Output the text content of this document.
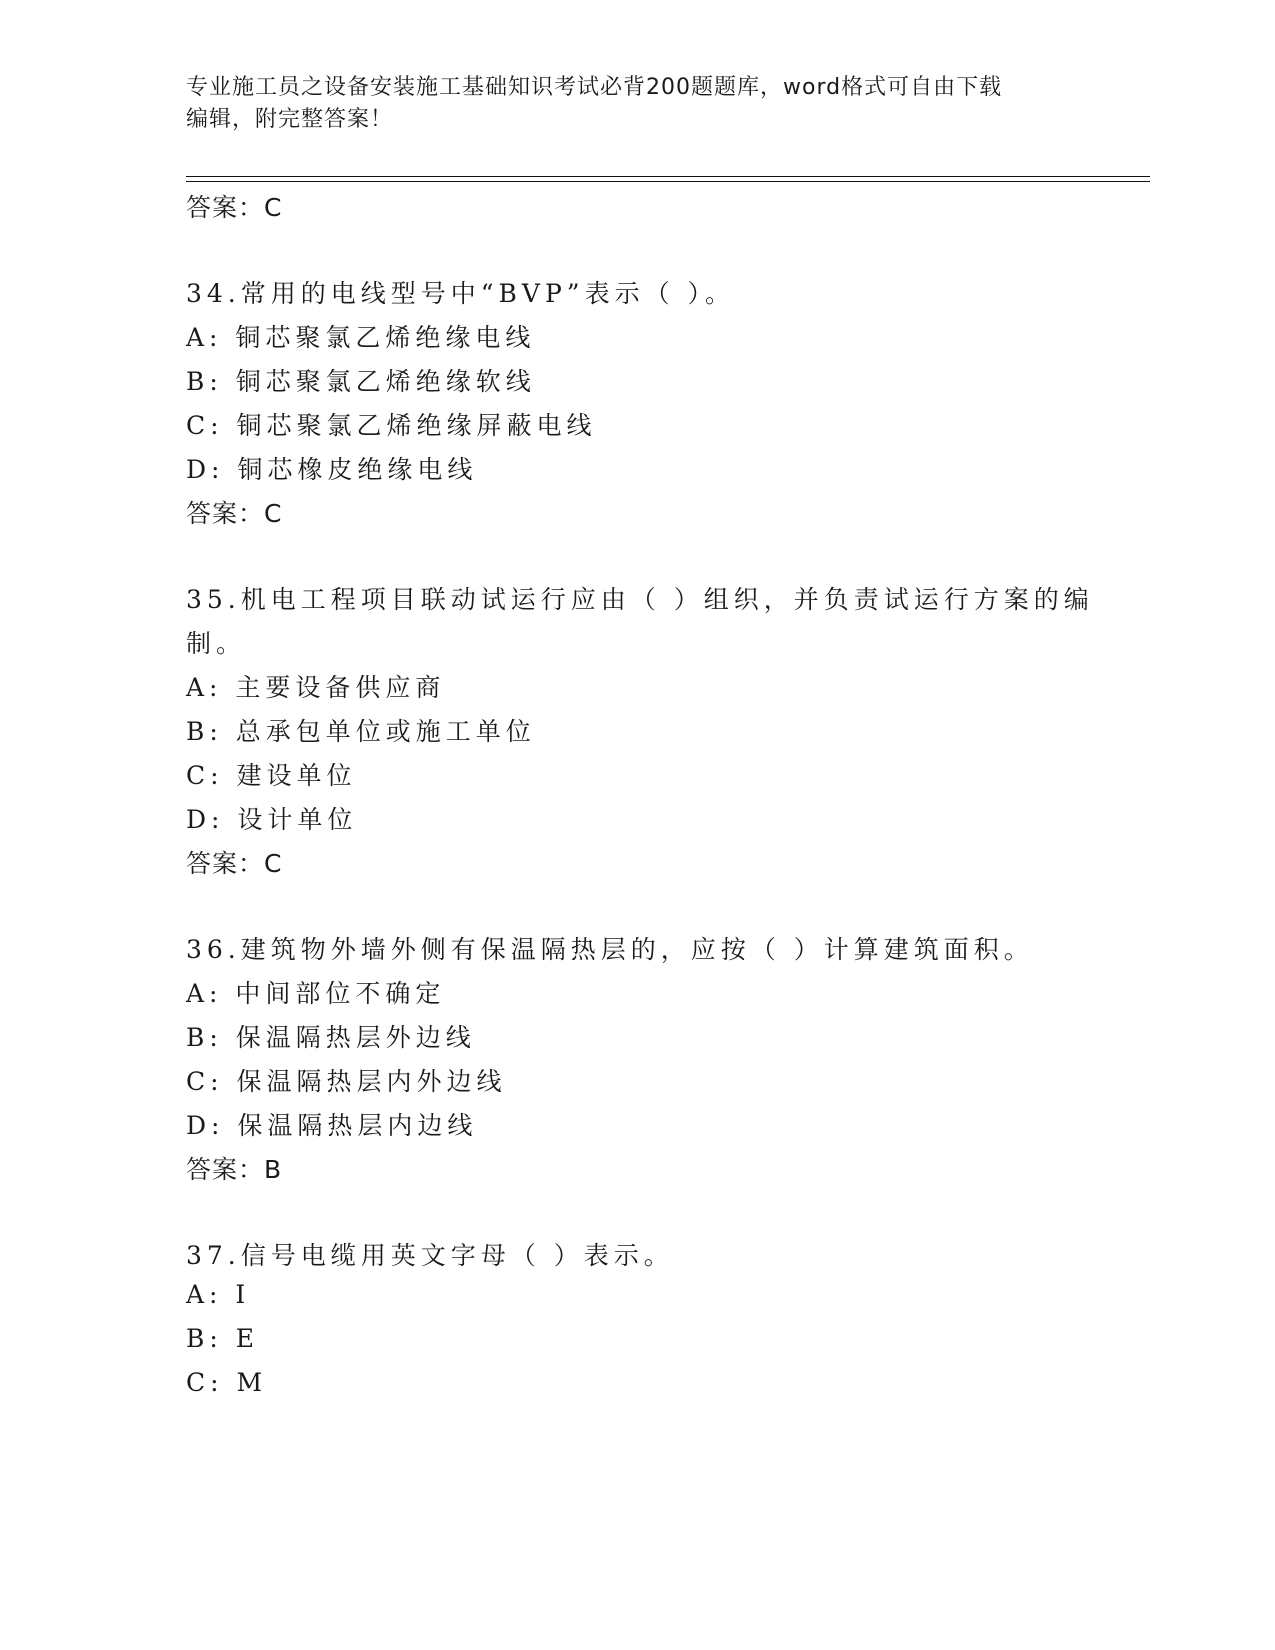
专业施工员之设备安装施工基础知识考试必背200题题库，word格式可自由下载
编辑，附完整答案！
答案：C
34.常用的电线型号中“BVP”表示（ ）。
A: 铜芯聚氯乙烯绝缘电线
B: 铜芯聚氯乙烯绝缘软线
C: 铜芯聚氯乙烯绝缘屏蔽电线
D: 铜芯橡皮绝缘电线
答案：C
35.机电工程项目联动试运行应由（ ）组织，并负责试运行方案的编
制。
A: 主要设备供应商
B: 总承包单位或施工单位
C: 建设单位
D: 设计单位
答案：C
36.建筑物外墙外侧有保温隔热层的，应按（ ）计算建筑面积。
A: 中间部位不确定
B: 保温隔热层外边线
C: 保温隔热层内外边线
D: 保温隔热层内边线
答案：B
37.信号电缆用英文字母（ ）表示。
A: I
B: E
C: M
